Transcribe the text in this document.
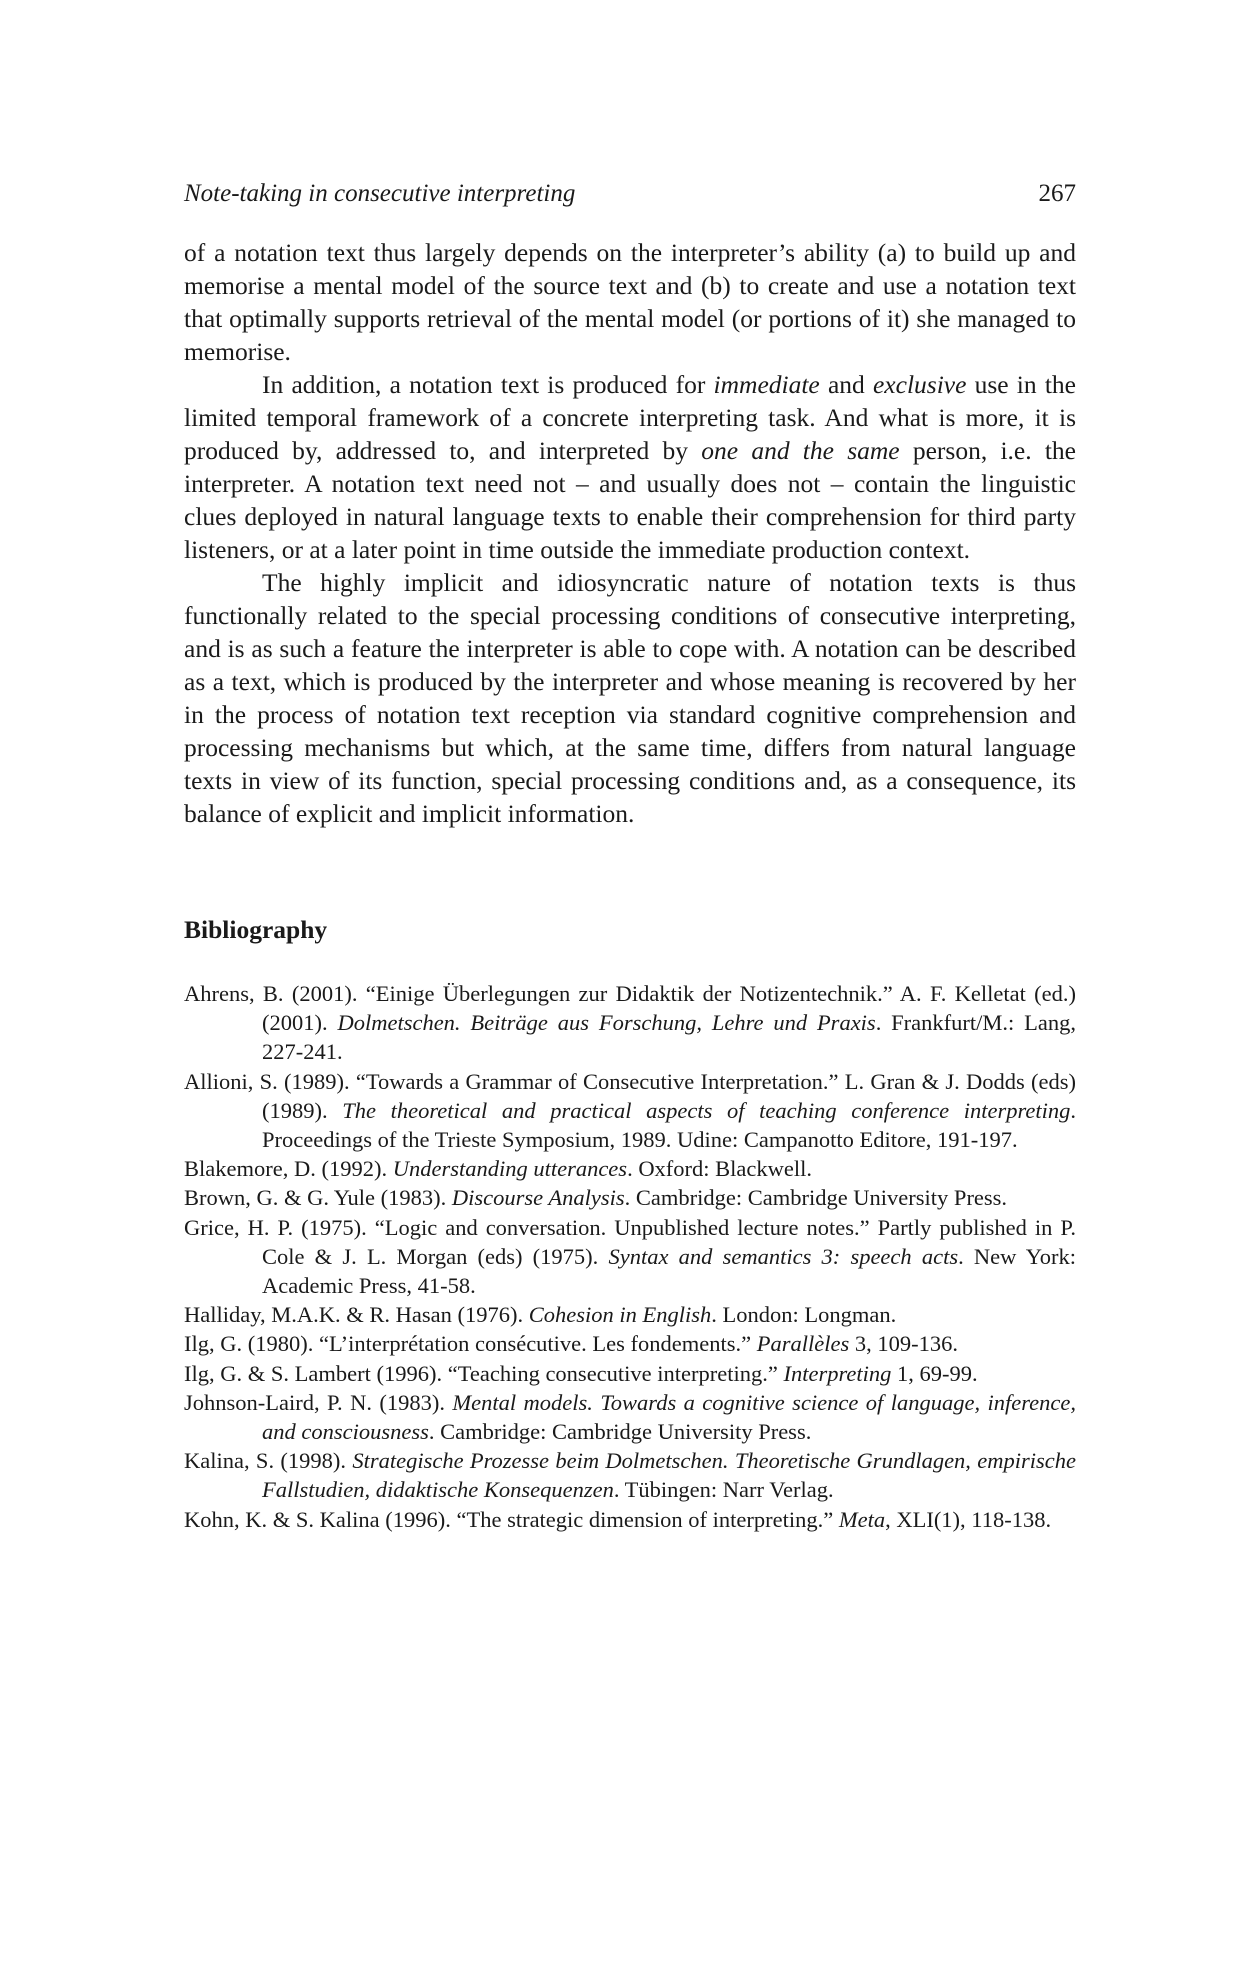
Note-taking in consecutive interpreting	267

of a notation text thus largely depends on the interpreter’s ability (a) to build up and memorise a mental model of the source text and (b) to create and use a notation text that optimally supports retrieval of the mental model (or portions of it) she managed to memorise.

In addition, a notation text is produced for immediate and exclusive use in the limited temporal framework of a concrete interpreting task. And what is more, it is produced by, addressed to, and interpreted by one and the same person, i.e. the interpreter. A notation text need not – and usually does not – contain the linguistic clues deployed in natural language texts to enable their comprehension for third party listeners, or at a later point in time outside the immediate production context.

The highly implicit and idiosyncratic nature of notation texts is thus functionally related to the special processing conditions of consecutive interpreting, and is as such a feature the interpreter is able to cope with. A notation can be described as a text, which is produced by the interpreter and whose meaning is recovered by her in the process of notation text reception via standard cognitive comprehension and processing mechanisms but which, at the same time, differs from natural language texts in view of its function, special processing conditions and, as a consequence, its balance of explicit and implicit information.

Bibliography
Ahrens, B. (2001). “Einige Überlegungen zur Didaktik der Notizentechnik.” A. F. Kelletat (ed.) (2001). Dolmetschen. Beiträge aus Forschung, Lehre und Praxis. Frankfurt/M.: Lang, 227-241.
Allioni, S. (1989). “Towards a Grammar of Consecutive Interpretation.” L. Gran & J. Dodds (eds) (1989). The theoretical and practical aspects of teaching conference interpreting. Proceedings of the Trieste Symposium, 1989. Udine: Campanotto Editore, 191-197.
Blakemore, D. (1992). Understanding utterances. Oxford: Blackwell.
Brown, G. & G. Yule (1983). Discourse Analysis. Cambridge: Cambridge University Press.
Grice, H. P. (1975). “Logic and conversation. Unpublished lecture notes.” Partly published in P. Cole & J. L. Morgan (eds) (1975). Syntax and semantics 3: speech acts. New York: Academic Press, 41-58.
Halliday, M.A.K. & R. Hasan (1976). Cohesion in English. London: Longman.
Ilg, G. (1980). “L’interprétation consécutive. Les fondements.” Parallèles 3, 109-136.
Ilg, G. & S. Lambert (1996). “Teaching consecutive interpreting.” Interpreting 1, 69-99.
Johnson-Laird, P. N. (1983). Mental models. Towards a cognitive science of language, inference, and consciousness. Cambridge: Cambridge University Press.
Kalina, S. (1998). Strategische Prozesse beim Dolmetschen. Theoretische Grundlagen, empirische Fallstudien, didaktische Konsequenzen. Tübingen: Narr Verlag.
Kohn, K. & S. Kalina (1996). “The strategic dimension of interpreting.” Meta, XLI(1), 118-138.
